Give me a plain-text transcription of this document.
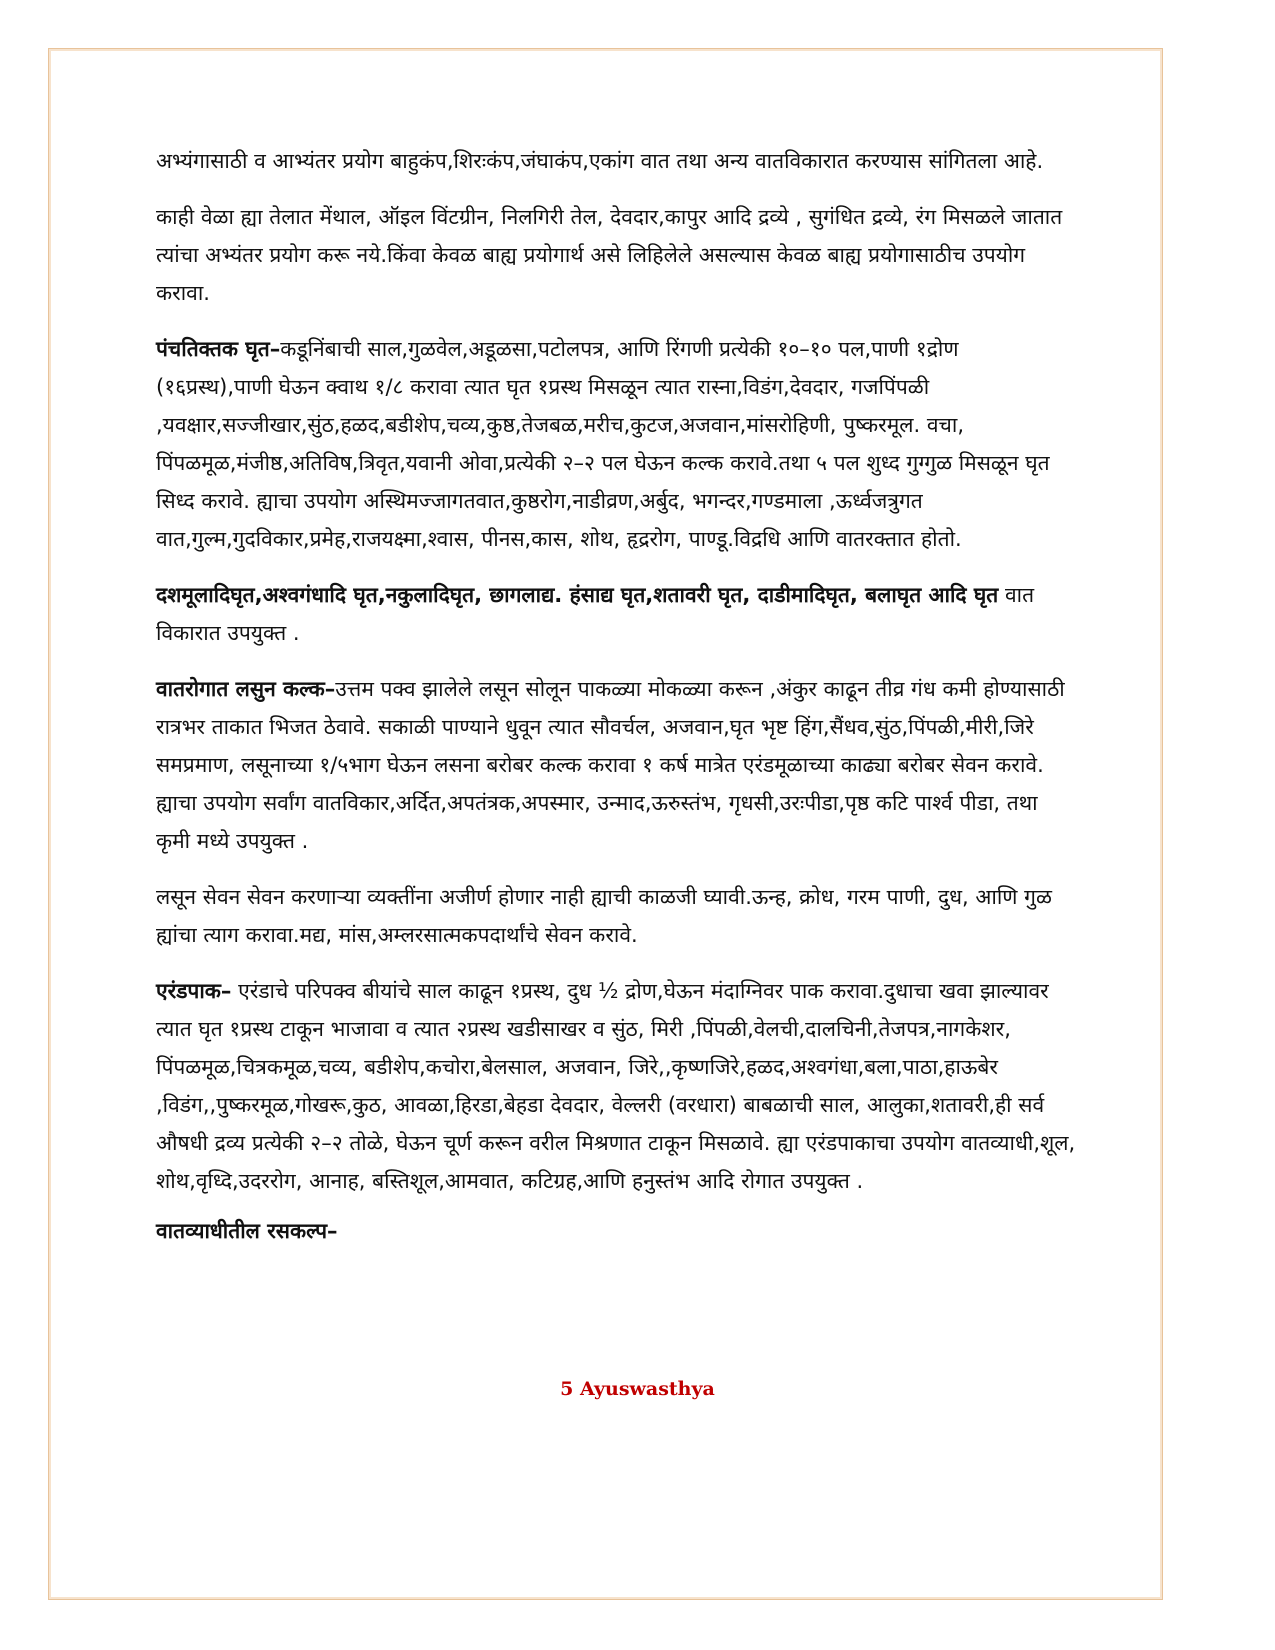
अभ्यंगासाठी व आभ्यंतर प्रयोग बाहुकंप,शिरःकंप,जंघाकंप,एकांग वात तथा अन्य वातविकारात करण्यास सांगितला आहे.

काही वेळा ह्या तेलात मेंथाल, ऑइल विंटग्रीन, निलगिरी तेल, देवदार,कापुर आदि द्रव्ये , सुगंधित द्रव्ये, रंग मिसळले जातात त्यांचा अभ्यंतर प्रयोग करू नये.किंवा केवळ बाह्य प्रयोगार्थ असे लिहिलेले असल्यास केवळ बाह्य प्रयोगासाठीच उपयोग करावा.

पंचतिक्तक घृत–कडूनिंबाची साल,गुळवेल,अडूळसा,पटोलपत्र, आणि रिंगणी प्रत्येकी १०–१० पल,पाणी १द्रोण (१६प्रस्थ),पाणी घेऊन क्वाथ १/८ करावा त्यात घृत १प्रस्थ मिसळून त्यात रास्ना,विडंग,देवदार, गजपिंपळी ,यवक्षार,सज्जीखार,सुंठ,हळद,बडीशेप,चव्य,कुष्ठ,तेजबळ,मरीच,कुटज,अजवान,मांसरोहिणी, पुष्करमूल. वचा, पिंपळमूळ,मंजीष्ठ,अतिविष,त्रिवृत,यवानी ओवा,प्रत्येकी २–२ पल घेऊन कल्क करावे.तथा ५ पल शुध्द गुग्गुळ मिसळून घृत सिध्द करावे. ह्याचा उपयोग अस्थिमज्जागतवात,कुष्ठरोग,नाडीव्रण,अर्बुद, भगन्दर,गण्डमाला ,ऊर्ध्वजत्रुगत वात,गुल्म,गुदविकार,प्रमेह,राजयक्ष्मा,श्वास, पीनस,कास, शोथ, हृद्ररोग, पाण्डू.विद्रधि आणि वातरक्तात होतो.

दशमूलादिघृत,अश्वगंधादि घृत,नकुलादिघृत, छागलाद्य. हंसाद्य घृत,शतावरी घृत, दाडीमादिघृत, बलाघृत आदि घृत वात विकारात उपयुक्त .

वातरोगात लसुन कल्क–उत्तम पक्व झालेले लसून सोलून पाकळ्या मोकळ्या करून ,अंकुर काढून तीव्र गंध कमी होण्यासाठी रात्रभर ताकात भिजत ठेवावे. सकाळी पाण्याने धुवून त्यात सौवर्चल, अजवान,घृत भृष्ट हिंग,सैंधव,सुंठ,पिंपळी,मीरी,जिरे समप्रमाण, लसूनाच्या १/५भाग घेऊन लसना बरोबर कल्क करावा १ कर्ष मात्रेत एरंडमूळाच्या काढ्या बरोबर सेवन करावे. ह्याचा उपयोग सर्वांग वातविकार,अर्दित,अपतंत्रक,अपस्मार, उन्माद,ऊरुस्तंभ, गृधसी,उरःपीडा,पृष्ठ कटि पार्श्व पीडा, तथा कृमी मध्ये उपयुक्त .

लसून सेवन सेवन करणाऱ्या व्यक्तींना अजीर्ण होणार नाही ह्याची काळजी घ्यावी.ऊन्ह, क्रोध, गरम पाणी, दुध, आणि गुळ ह्यांचा त्याग करावा.मद्य, मांस,अम्लरसात्मकपदार्थांचे सेवन करावे.

एरंडपाक– एरंडाचे परिपक्व बीयांचे साल काढून १प्रस्थ, दुध ½ द्रोण,घेऊन मंदाग्निवर पाक करावा.दुधाचा खवा झाल्यावर त्यात घृत १प्रस्थ टाकून भाजावा व त्यात २प्रस्थ खडीसाखर व सुंठ, मिरी ,पिंपळी,वेलची,दालचिनी,तेजपत्र,नागकेशर, पिंपळमूळ,चित्रकमूळ,चव्य, बडीशेप,कचोरा,बेलसाल, अजवान, जिरे,,कृष्णजिरे,हळद,अश्वगंधा,बला,पाठा,हाऊबेर ,विडंग,,पुष्करमूळ,गोखरू,कुठ, आवळा,हिरडा,बेहडा देवदार, वेल्लरी (वरधारा) बाबळाची साल, आलुका,शतावरी,ही सर्व औषधी द्रव्य प्रत्येकी २–२ तोळे, घेऊन चूर्ण करून वरील मिश्रणात टाकून मिसळावे. ह्या एरंडपाकाचा उपयोग वातव्याधी,शूल, शोथ,वृध्दि,उदररोग, आनाह, बस्तिशूल,आमवात, कटिग्रह,आणि हनुस्तंभ आदि रोगात उपयुक्त .

वातव्याधीतील रसकल्प–

5 Ayuswasthya
